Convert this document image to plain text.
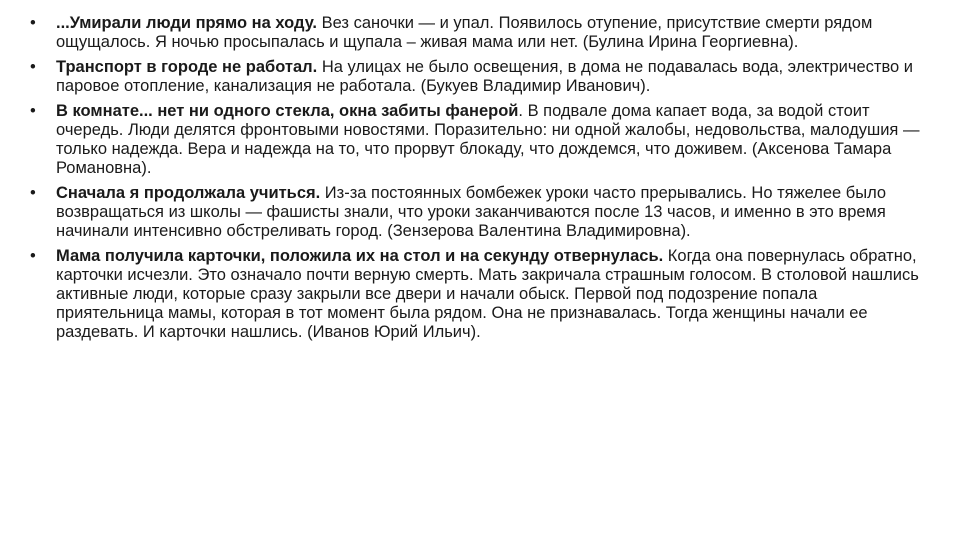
•	...Умирали люди прямо на ходу. Вез саночки — и упал. Появилось отупение, присутствие смерти рядом ощущалось. Я ночью просыпалась и щупала – живая мама или нет. (Булина Ирина Георгиевна).
•	Транспорт в городе не работал. На улицах не было освещения, в дома не подавалась вода, электричество и паровое отопление, канализация не работала. (Букуев Владимир Иванович).
•	В комнате... нет ни одного стекла, окна забиты фанерой. В подвале дома капает вода, за водой стоит очередь. Люди делятся фронтовыми новостями. Поразительно: ни одной жалобы, недовольства, малодушия — только надежда. Вера и надежда на то, что прорвут блокаду, что дождемся, что доживем. (Аксенова Тамара Романовна).
•	Сначала я продолжала учиться. Из-за постоянных бомбежек уроки часто прерывались. Но тяжелее было возвращаться из школы — фашисты знали, что уроки заканчиваются после 13 часов, и именно в это время начинали интенсивно обстреливать город. (Зензерова Валентина Владимировна).
•	Мама получила карточки, положила их на стол и на секунду отвернулась. Когда она повернулась обратно, карточки исчезли. Это означало почти верную смерть. Мать закричала страшным голосом. В столовой нашлись активные люди, которые сразу закрыли все двери и начали обыск. Первой под подозрение попала приятельница мамы, которая в тот момент была рядом. Она не признавалась. Тогда женщины начали ее раздевать. И карточки нашлись. (Иванов Юрий Ильич).
